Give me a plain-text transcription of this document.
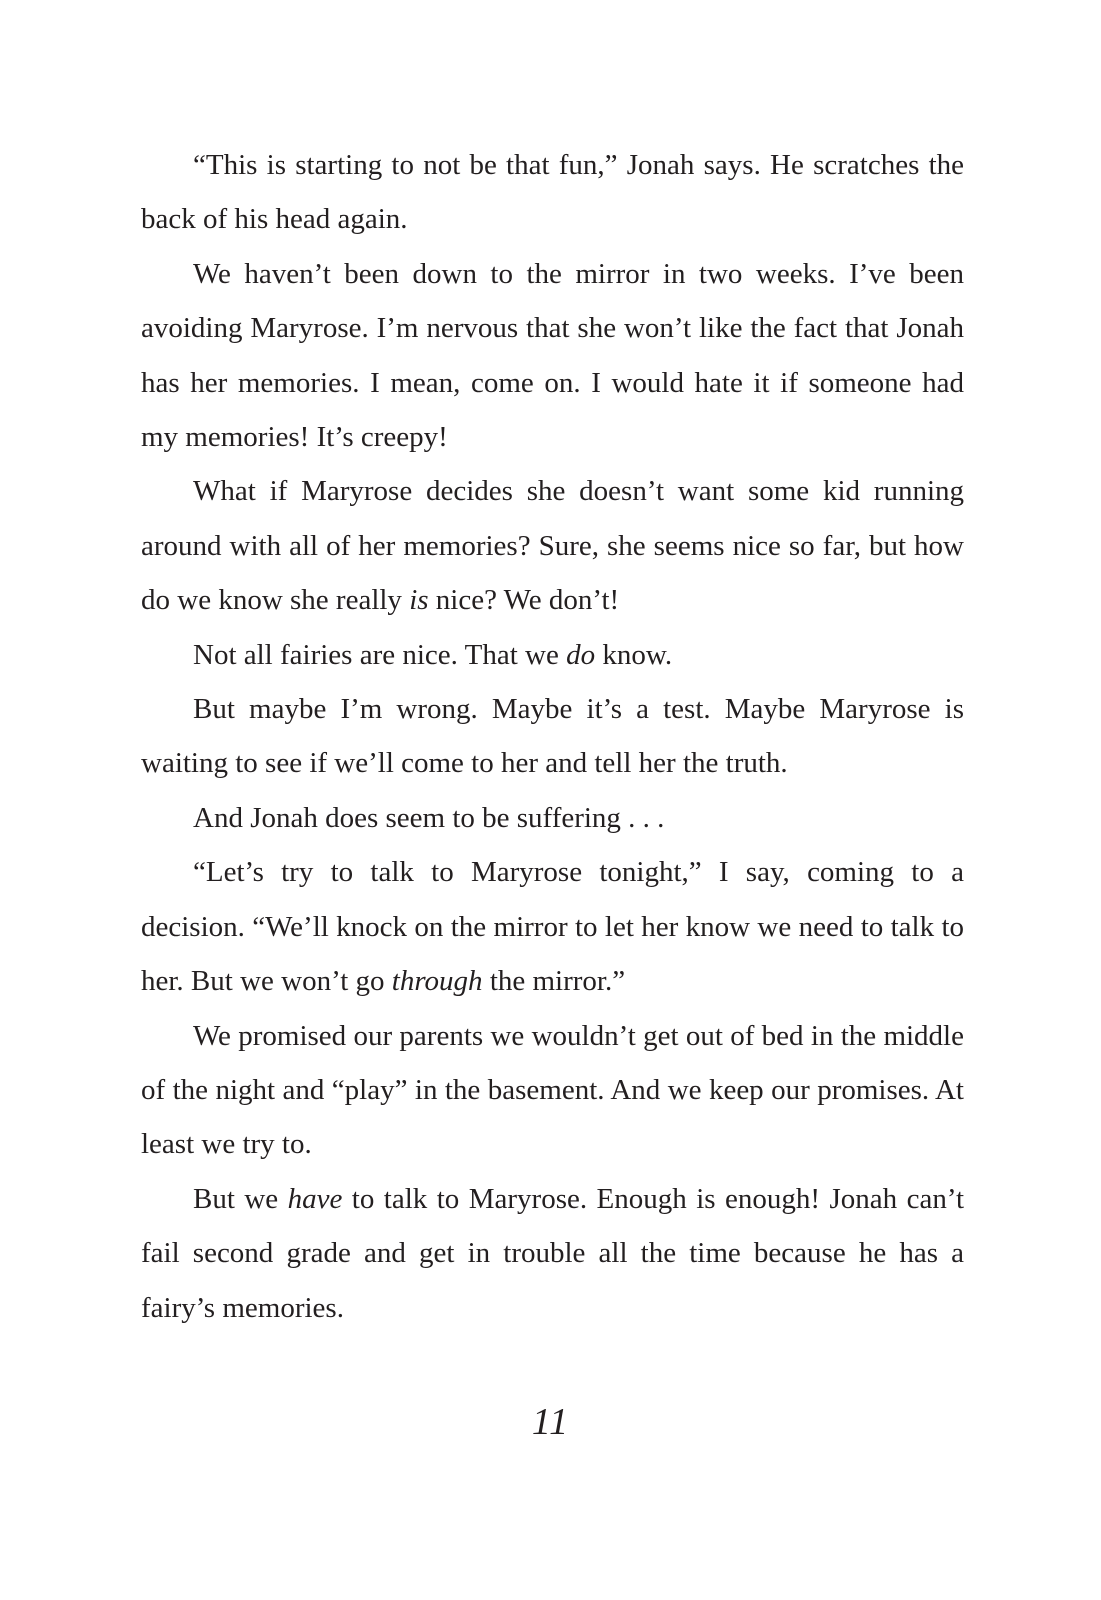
“This is starting to not be that fun,” Jonah says. He scratches the back of his head again.

We haven’t been down to the mirror in two weeks. I’ve been avoiding Maryrose. I’m nervous that she won’t like the fact that Jonah has her memories. I mean, come on. I would hate it if someone had my memories! It’s creepy!

What if Maryrose decides she doesn’t want some kid running around with all of her memories? Sure, she seems nice so far, but how do we know she really is nice? We don’t!

Not all fairies are nice. That we do know.

But maybe I’m wrong. Maybe it’s a test. Maybe Maryrose is waiting to see if we’ll come to her and tell her the truth.

And Jonah does seem to be suffering . . .

“Let’s try to talk to Maryrose tonight,” I say, coming to a decision. “We’ll knock on the mirror to let her know we need to talk to her. But we won’t go through the mirror.”

We promised our parents we wouldn’t get out of bed in the middle of the night and “play” in the basement. And we keep our promises. At least we try to.

But we have to talk to Maryrose. Enough is enough! Jonah can’t fail second grade and get in trouble all the time because he has a fairy’s memories.

11
